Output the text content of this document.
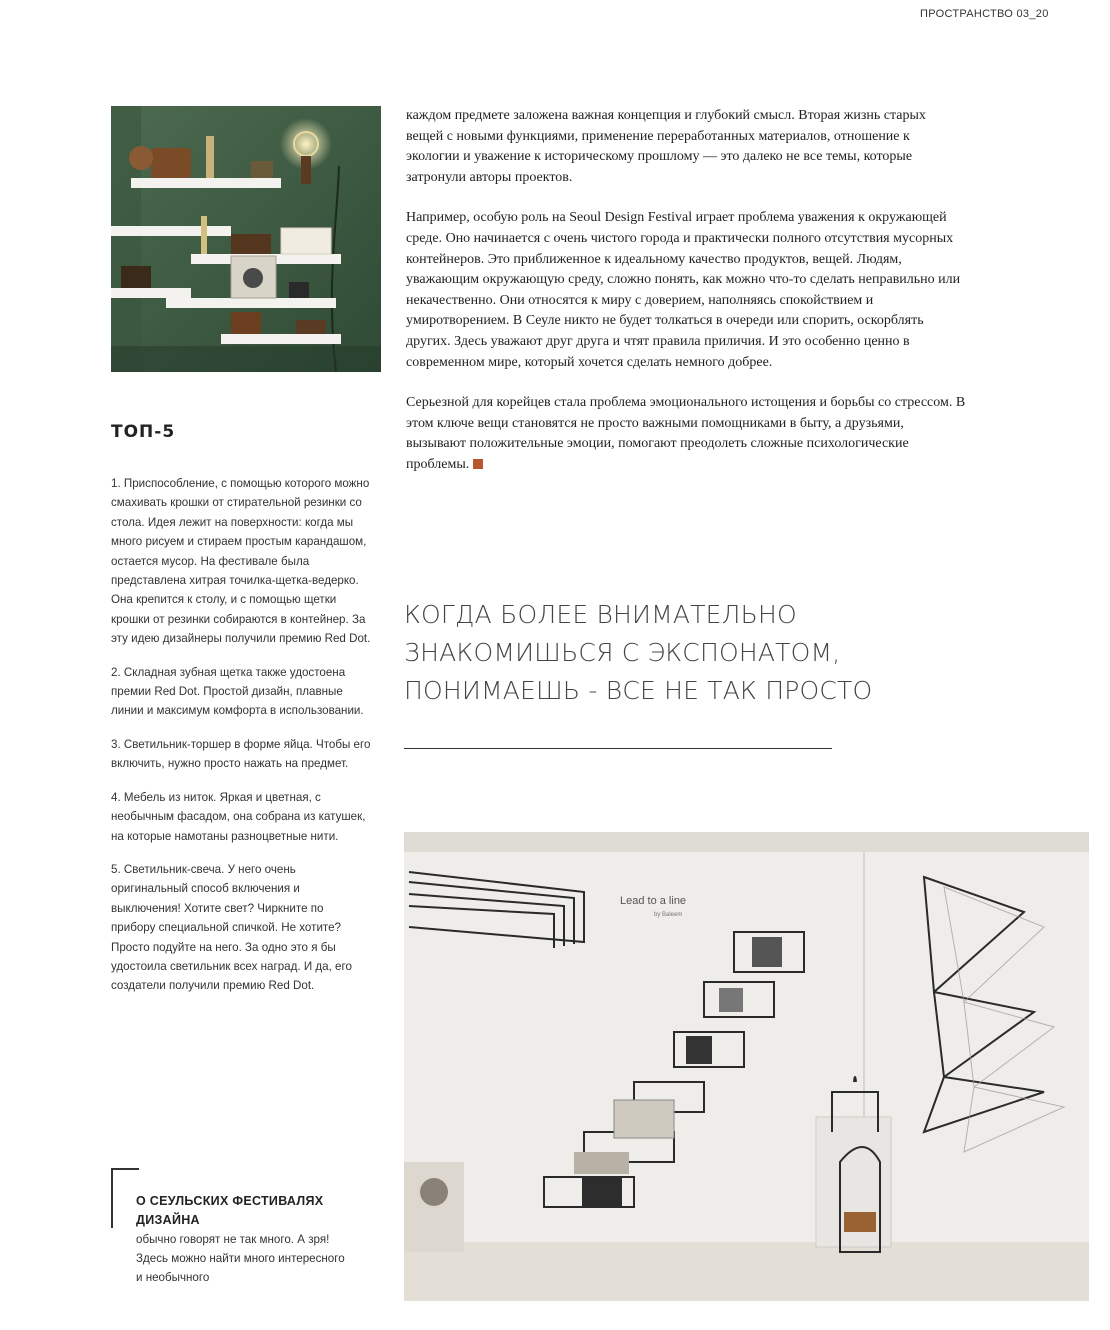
ПРОСТРАНСТВО 03_20

каждом предмете заложена важная концепция и глубокий смысл. Вторая жизнь старых вещей с новыми функциями, применение переработанных материалов, отношение к экологии и уважение к историческому прошлому — это далеко не все темы, которые затронули авторы проектов.

Например, особую роль на Seoul Design Festival играет проблема уважения к окружающей среде. Оно начинается с очень чистого города и практически полного отсутствия мусорных контейнеров. Это приближенное к идеальному качество продуктов, вещей. Людям, уважающим окружающую среду, сложно понять, как можно что-то сделать неправильно или некачественно. Они относятся к миру с доверием, наполняясь спокойствием и умиротворением. В Сеуле никто не будет толкаться в очереди или спорить, оскорблять других. Здесь уважают друг друга и чтят правила приличия. И это особенно ценно в современном мире, который хочется сделать немного добрее.

Серьезной для корейцев стала проблема эмоционального истощения и борьбы со стрессом. В этом ключе вещи становятся не просто важными помощниками в быту, а друзьями, вызывают положительные эмоции, помогают преодолеть сложные психологические проблемы.

ТОП-5

1. Приспособление, с помощью которого можно смахивать крошки от стирательной резинки со стола. Идея лежит на поверхности: когда мы много рисуем и стираем простым карандашом, остается мусор. На фестивале была представлена хитрая точилка-щетка-ведерко. Она крепится к столу, и с помощью щетки крошки от резинки собираются в контейнер. За эту идею дизайнеры получили премию Red Dot.

2. Складная зубная щетка также удостоена премии Red Dot. Простой дизайн, плавные линии и максимум комфорта в использовании.

3. Светильник-торшер в форме яйца. Чтобы его включить, нужно просто нажать на предмет.

4. Мебель из ниток. Яркая и цветная, с необычным фасадом, она собрана из катушек, на которые намотаны разноцветные нити.

5. Светильник-свеча. У него очень оригинальный способ включения и выключения! Хотите свет? Чиркните по прибору специальной спичкой. Не хотите? Просто подуйте на него. За одно это я бы удостоила светильник всех наград. И да, его создатели получили премию Red Dot.

КОГДА БОЛЕЕ ВНИМАТЕЛЬНО
ЗНАКОМИШЬСЯ С ЭКСПОНАТОМ,
ПОНИМАЕШЬ - ВСЕ НЕ ТАК ПРОСТО
Lead to a line
by Baleem
О СЕУЛЬСКИХ ФЕСТИВАЛЯХ ДИЗАЙНА
обычно говорят не так много. А зря! Здесь можно найти много интересного и необычного
